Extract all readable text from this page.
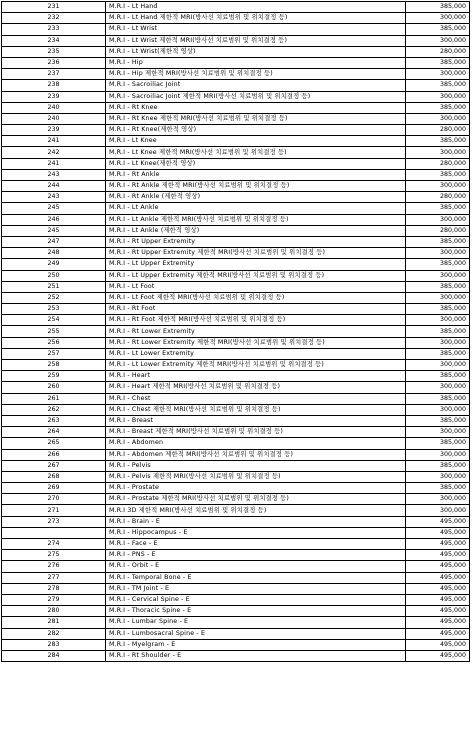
231	M.R.I - Lt Hand	385,000
232	M.R.I - Lt Hand 제한적 MRI(방사선 치료범위 및 위치결정 등)	300,000
233	M.R.I - Lt Wrist	385,000
234	M.R.I - Lt Wrist 제한적 MRI(방사선 치료범위 및 위치결정 등)	300,000
235	M.R.I - Lt Wrist(제한적 영상)	280,000
236	M.R.I - Hip	385,000
237	M.R.I - Hip 제한적 MRI(방사선 치료범위 및 위치결정 등)	300,000
238	M.R.I - Sacroiliac Joint	385,000
239	M.R.I - Sacroiliac Joint 제한적 MRI(방사선 치료범위 및 위치결정 등)	300,000
240	M.R.I - Rt Knee	385,000
240	M.R.I - Rt Knee 제한적 MRI(방사선 치료범위 및 위치결정 등)	300,000
239	M.R.I - Rt Knee(제한적 영상)	280,000
241	M.R.I - Lt Knee	385,000
242	M.R.I - Lt Knee 제한적 MRI(방사선 치료범위 및 위치결정 등)	300,000
241	M.R.I - Lt Knee(제한적 영상)	280,000
243	M.R.I - Rt Ankle	385,000
244	M.R.I - Rt Ankle 제한적 MRI(방사선 치료범위 및 위치결정 등)	300,000
243	M.R.I - Rt Ankle (제한적 영상)	280,000
245	M.R.I - Lt Ankle	385,000
246	M.R.I - Lt Ankle 제한적 MRI(방사선 치료범위 및 위치결정 등)	300,000
245	M.R.I - Lt Ankle (제한적 영상)	280,000
247	M.R.I - Rt Upper Extremity	385,000
248	M.R.I - Rt Upper Extremity 제한적 MRI(방사선 치료범위 및 위치결정 등)	300,000
249	M.R.I - Lt Upper Extremity	385,000
250	M.R.I - Lt Upper Extremity 제한적 MRI(방사선 치료범위 및 위치결정 등)	300,000
251	M.R.I - Lt Foot	385,000
252	M.R.I - Lt Foot 제한적 MRI(방사선 치료범위 및 위치결정 등)	300,000
253	M.R.I - Rt Foot	385,000
254	M.R.I - Rt Foot 제한적 MRI(방사선 치료범위 및 위치결정 등)	300,000
255	M.R.I - Rt Lower Extremity	385,000
256	M.R.I - Rt Lower Extremity 제한적 MRI(방사선 치료범위 및 위치결정 등)	300,000
257	M.R.I - Lt Lower Extremity	385,000
258	M.R.I - Lt Lower Extremity 제한적 MRI(방사선 치료범위 및 위치결정 등)	300,000
259	M.R.I - Heart	385,000
260	M.R.I - Heart 제한적 MRI(방사선 치료범위 및 위치결정 등)	300,000
261	M.R.I - Chest	385,000
262	M.R.I - Chest 제한적 MRI(방사선 치료범위 및 위치결정 등)	300,000
263	M.R.I - Breast	385,000
264	M.R.I - Breast 제한적 MRI(방사선 치료범위 및 위치결정 등)	300,000
265	M.R.I - Abdomen	385,000
266	M.R.I - Abdomen 제한적 MRI(방사선 치료범위 및 위치결정 등)	300,000
267	M.R.I - Pelvis	385,000
268	M.R.I - Pelvis 제한적 MRI(방사선 치료범위 및 위치결정 등)	300,000
269	M.R.I - Prostate	385,000
270	M.R.I - Prostate 제한적 MRI(방사선 치료범위 및 위치결정 등)	300,000
271	M.R.I 3D 제한적 MRI(방사선 치료범위 및 위치결정 등)	300,000
273	M.R.I - Brain - E	495,000
	M.R.I - Hippocampus - E	495,000
274	M.R.I - Face - E	495,000
275	M.R.I - PNS - E	495,000
276	M.R.I - Orbit - E	495,000
277	M.R.I - Temporal Bone - E	495,000
278	M.R.I - TM Joint - E	495,000
279	M.R.I - Cervical Spine - E	495,000
280	M.R.I - Thoracic Spine - E	495,000
281	M.R.I - Lumbar Spine - E	495,000
282	M.R.I - Lumbosacral Spine - E	495,000
283	M.R.I - Myelgram - E	495,000
284	M.R.I - Rt Shoulder - E	495,000
